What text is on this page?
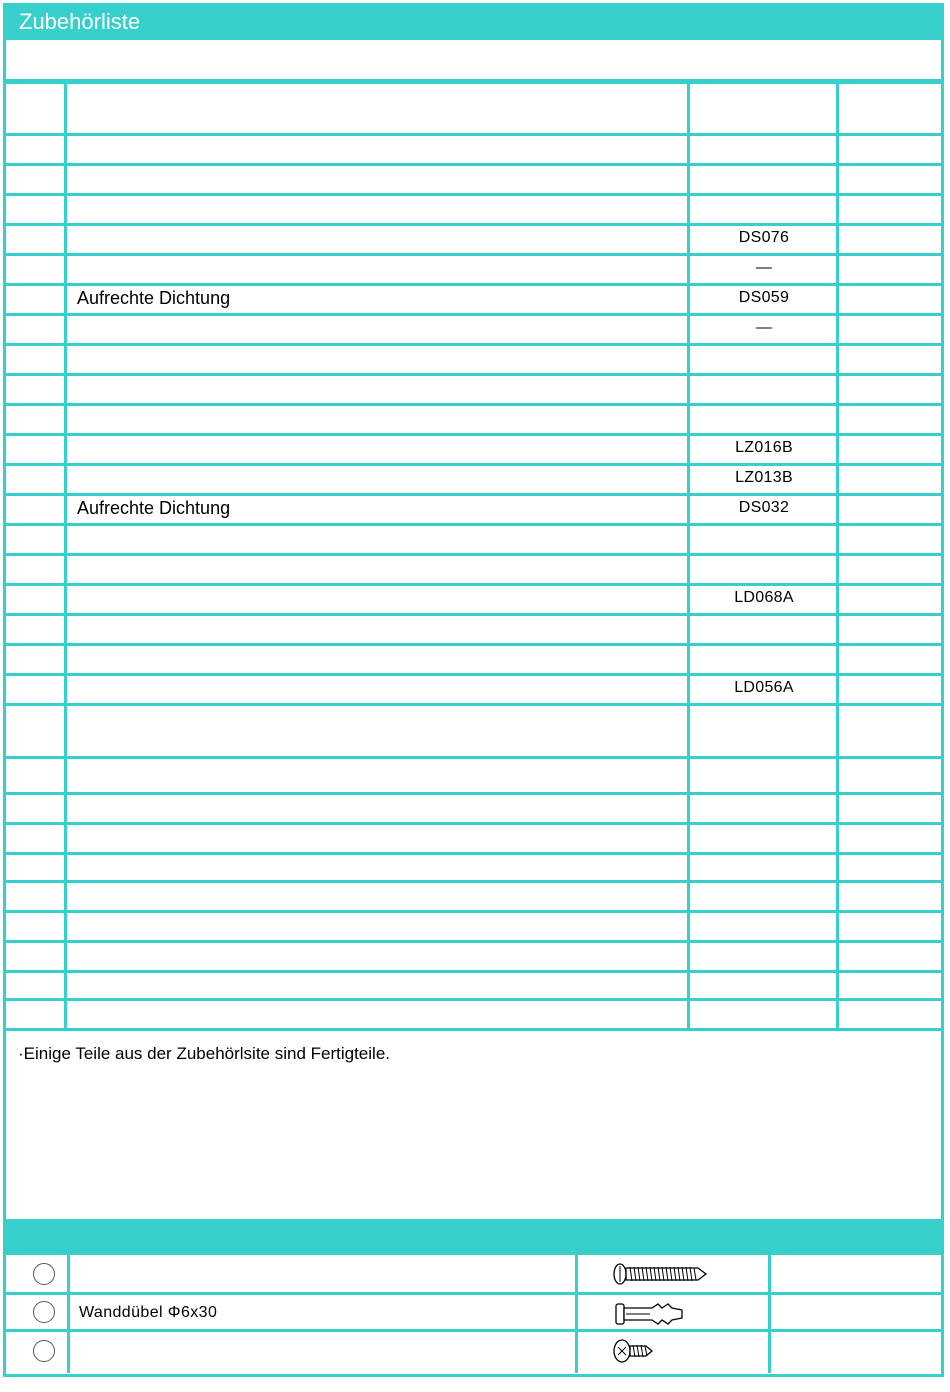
Zubehörliste
DS076
—
Aufrechte Dichtung	DS059
—
LZ016B
LZ013B
Aufrechte Dichtung	DS032
LD068A
LD056A
·Einige Teile aus der Zubehörlsite sind Fertigteile.
Wanddübel Φ6x30
